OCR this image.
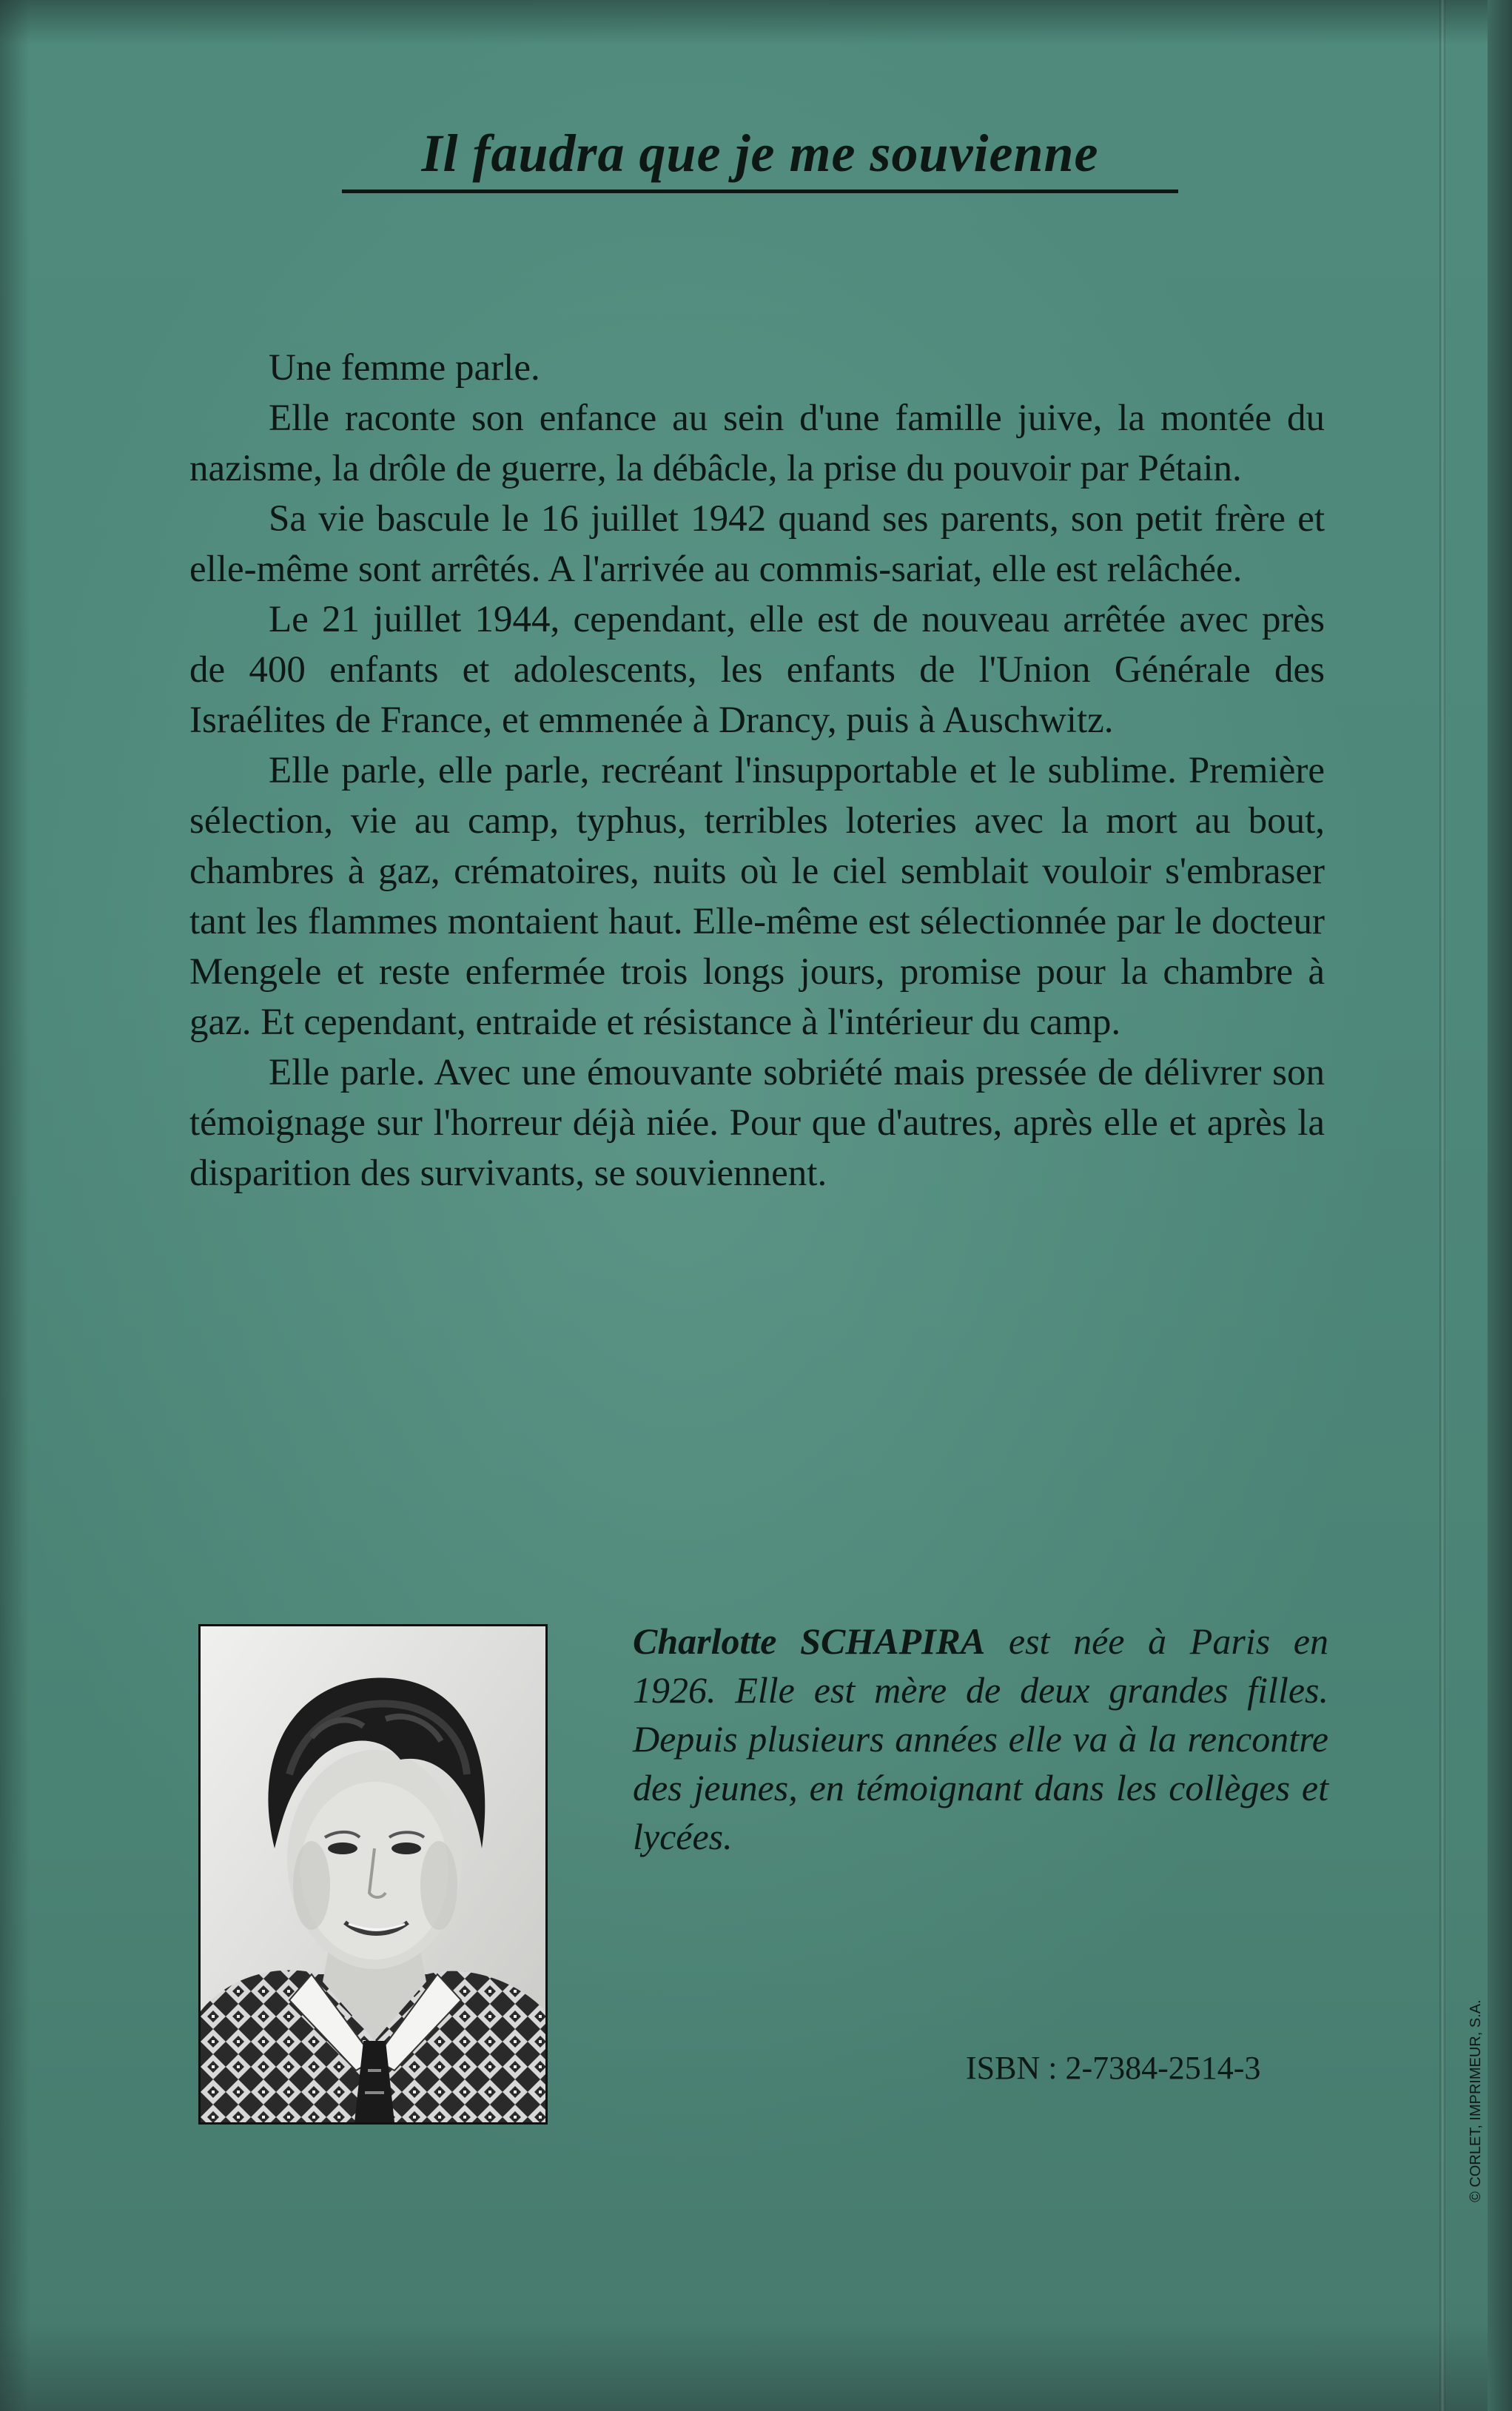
Il faudra que je me souvienne

Une femme parle.

Elle raconte son enfance au sein d'une famille juive, la montée du nazisme, la drôle de guerre, la débâcle, la prise du pouvoir par Pétain.

Sa vie bascule le 16 juillet 1942 quand ses parents, son petit frère et elle-même sont arrêtés. A l'arrivée au commis-sariat, elle est relâchée.

Le 21 juillet 1944, cependant, elle est de nouveau arrêtée avec près de 400 enfants et adolescents, les enfants de l'Union Générale des Israélites de France, et emmenée à Drancy, puis à Auschwitz.

Elle parle, elle parle, recréant l'insupportable et le sublime. Première sélection, vie au camp, typhus, terribles loteries avec la mort au bout, chambres à gaz, crématoires, nuits où le ciel semblait vouloir s'embraser tant les flammes montaient haut. Elle-même est sélectionnée par le docteur Mengele et reste enfermée trois longs jours, promise pour la chambre à gaz. Et cependant, entraide et résistance à l'intérieur du camp.

Elle parle. Avec une émouvante sobriété mais pressée de délivrer son témoignage sur l'horreur déjà niée. Pour que d'autres, après elle et après la disparition des survivants, se souviennent.

Charlotte SCHAPIRA est née à Paris en 1926. Elle est mère de deux grandes filles. Depuis plusieurs années elle va à la rencontre des jeunes, en témoignant dans les collèges et lycées.

ISBN : 2-7384-2514-3	© CORLET, IMPRIMEUR, S.A.
